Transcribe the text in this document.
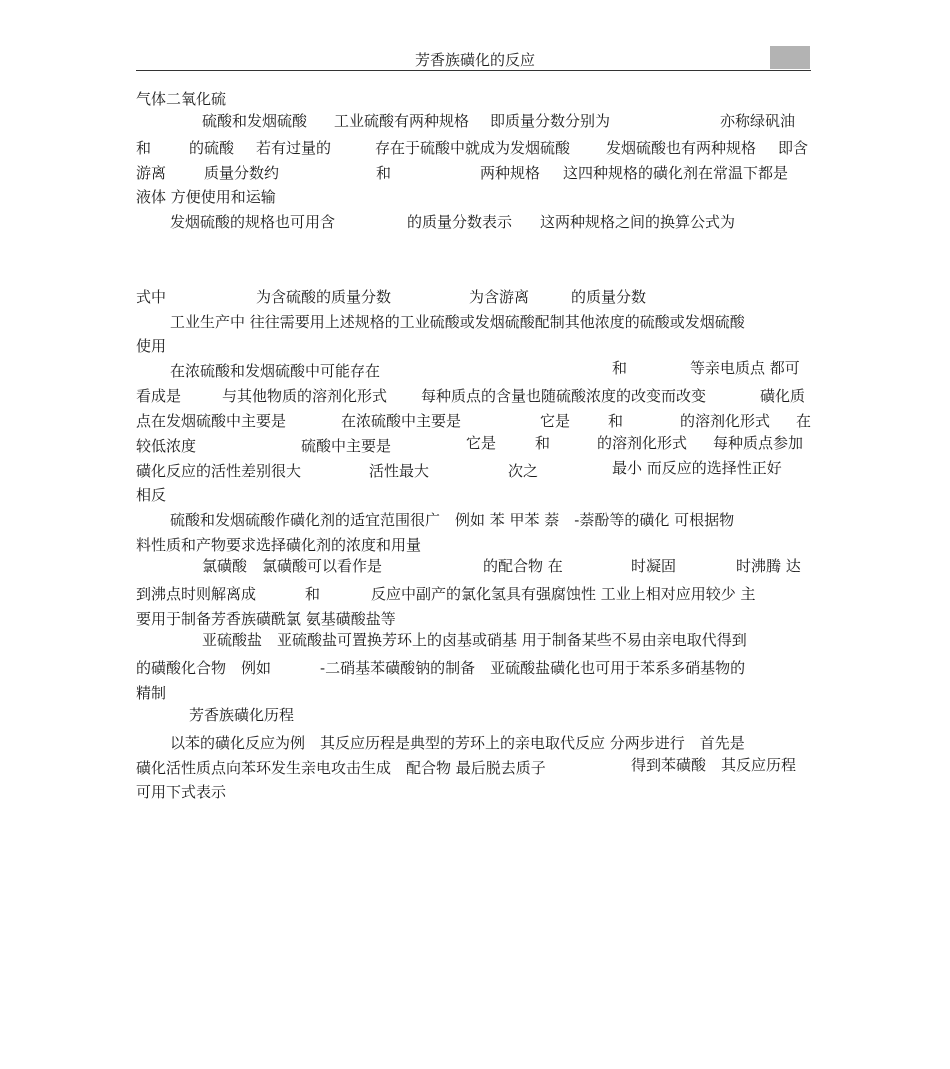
芳香族磺化的反应
气体二氧化硫
硫酸和发烟硫酸 工业硫酸有两种规格 即质量分数分别为	亦称绿矾油
和	的硫酸 若有过量的	存在于硫酸中就成为发烟硫酸 发烟硫酸也有两种规格 即含
游离	质量分数约	和	两种规格 这四种规格的磺化剂在常温下都是
液体 方便使用和运输
发烟硫酸的规格也可用含	的质量分数表示 这两种规格之间的换算公式为
式中	为含硫酸的质量分数	为含游离	的质量分数
工业生产中 往往需要用上述规格的工业硫酸或发烟硫酸配制其他浓度的硫酸或发烟硫酸
使用
在浓硫酸和发烟硫酸中可能存在	和	等亲电质点 都可
看成是	与其他物质的溶剂化形式 每种质点的含量也随硫酸浓度的改变而改变	磺化质
点在发烟硫酸中主要是	在浓硫酸中主要是	它是	和	的溶剂化形式 在
较低浓度	硫酸中主要是	它是	和	的溶剂化形式 每种质点参加
磺化反应的活性差别很大	活性最大	次之	最小 而反应的选择性正好
相反
硫酸和发烟硫酸作磺化剂的适宜范围很广　例如 苯 甲苯 萘　-萘酚等的磺化 可根据物
料性质和产物要求选择磺化剂的浓度和用量
氯磺酸　氯磺酸可以看作是	的配合物 在	时凝固	时沸腾 达
到沸点时则解离成	和	反应中副产的氯化氢具有强腐蚀性 工业上相对应用较少 主
要用于制备芳香族磺酰氯 氨基磺酸盐等
亚硫酸盐　亚硫酸盐可置换芳环上的卤基或硝基 用于制备某些不易由亲电取代得到
的磺酸化合物　例如	-二硝基苯磺酸钠的制备　亚硫酸盐磺化也可用于苯系多硝基物的
精制
芳香族磺化历程
以苯的磺化反应为例　其反应历程是典型的芳环上的亲电取代反应 分两步进行　首先是
磺化活性质点向苯环发生亲电攻击生成　配合物 最后脱去质子	得到苯磺酸　其反应历程
可用下式表示
